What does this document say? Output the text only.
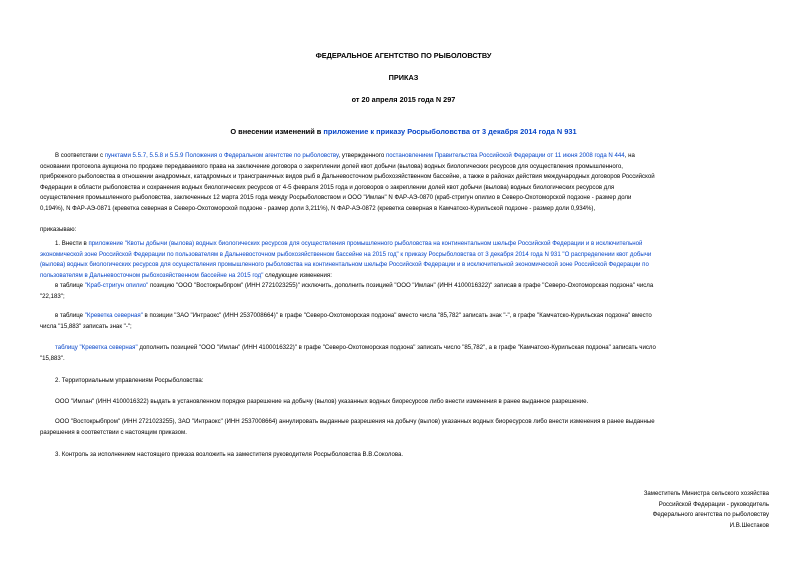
ФЕДЕРАЛЬНОЕ АГЕНТСТВО ПО РЫБОЛОВСТВУ
ПРИКАЗ
от 20 апреля 2015 года N 297
О внесении изменений в приложение к приказу Росрыболовства от 3 декабря 2014 года N 931
В соответствии с пунктами 5.5.7, 5.5.8 и 5.5.9 Положения о Федеральном агентстве по рыболовству, утвержденного постановлением Правительства Российской Федерации от 11 июня 2008 года N 444, на
основании протокола аукциона по продаже передаваемого права на заключение договора о закреплении долей квот добычи (вылова) водных биологических ресурсов для осуществления промышленного,
прибрежного рыболовства в отношении анадромных, катадромных и трансграничных видов рыб в Дальневосточном рыбохозяйственном бассейне, а также в районах действия международных договоров Российской
Федерации в области рыболовства и сохранения водных биологических ресурсов от 4-5 февраля 2015 года и договоров о закреплении долей квот добычи (вылова) водных биологических ресурсов для
осуществления промышленного рыболовства, заключенных 12 марта 2015 года между Росрыболовством и ООО "Имлан" N ФАР-АЭ-0870 (краб-стригун опилио в Северо-Охотоморской подзоне - размер доли
0,194%), N ФАР-АЭ-0871 (креветка северная в Северо-Охотоморской подзоне - размер доли 3,211%), N ФАР-АЭ-0872 (креветка северная в Камчатско-Курильской подзоне - размер доли 0,934%),
приказываю:
1. Внести в приложение "Квоты добычи (вылова) водных биологических ресурсов для осуществления промышленного рыболовства на континентальном шельфе Российской Федерации и в исключительной
экономической зоне Российской Федерации по пользователям в Дальневосточном рыбохозяйственном бассейне на 2015 год" к приказу Росрыболовства от 3 декабря 2014 года N 931 "О распределении квот добычи
(вылова) водных биологических ресурсов для осуществления промышленного рыболовства на континентальном шельфе Российской Федерации и в исключительной экономической зоне Российской Федерации по
пользователям в Дальневосточном рыбохозяйственном бассейне на 2015 год" следующие изменения:
в таблице "Краб-стригун опилио" позицию "ООО "Востокрыбпром" (ИНН 2721023255)" исключить, дополнить позицией "ООО "Имлан" (ИНН 4100016322)" записав в графе "Северо-Охотоморская подзона" числа
"22,183";
в таблице "Креветка северная" в позиции "ЗАО "Интраокс" (ИНН 2537008664)" в графе "Северо-Охотоморская подзона" вместо числа "85,782" записать знак "-", в графе "Камчатско-Курильская подзона" вместо
числа "15,883" записать знак "-";
таблицу "Креветка северная" дополнить позицией "ООО "Имлан" (ИНН 4100016322)" в графе "Северо-Охотоморская подзона" записать число "85,782", а в графе "Камчатско-Курильская подзона" записать число
"15,883".
2. Территориальным управлениям Росрыболовства:
ООО "Имлан" (ИНН 4100016322) выдать в установленном порядке разрешение на добычу (вылов) указанных водных биоресурсов либо внести изменения в ранее выданное разрешение.
ООО "Востокрыбпром" (ИНН 2721023255), ЗАО "Интраокс" (ИНН 2537008664) аннулировать выданные разрешения на добычу (вылов) указанных водных биоресурсов либо внести изменения в ранее выданные
разрешения в соответствии с настоящим приказом.
3. Контроль за исполнением настоящего приказа возложить на заместителя руководителя Росрыболовства В.В.Соколова.
Заместитель Министра сельского хозяйства
Российской Федерации - руководитель
Федерального агентства по рыболовству
И.В.Шестаков
